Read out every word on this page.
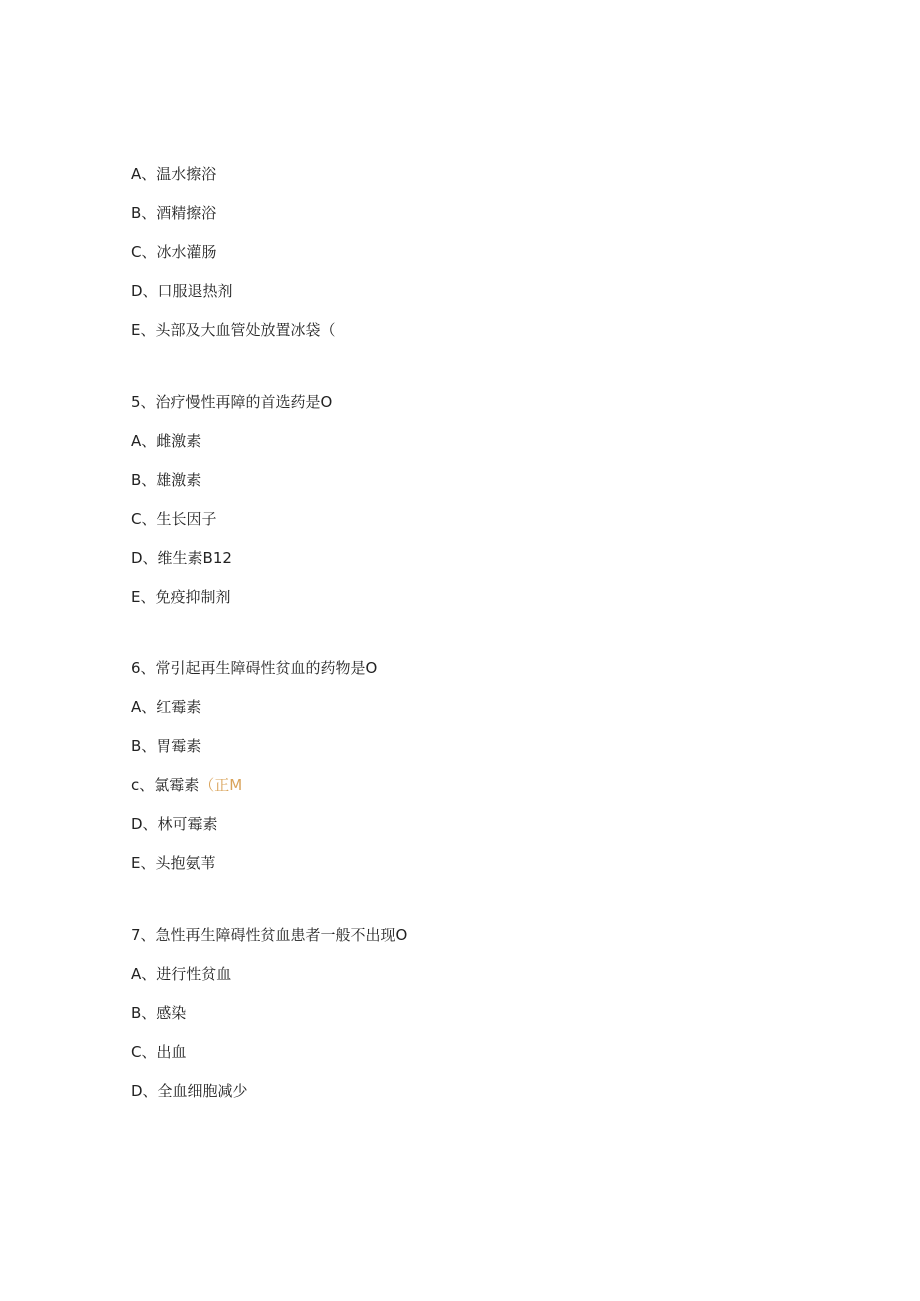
A、温水擦浴
B、酒精擦浴
C、冰水灌肠
D、口服退热剂
E、头部及大血管处放置冰袋（
5、治疗慢性再障的首选药是O
A、雌激素
B、雄激素
C、生长因子
D、维生素B12
E、免疫抑制剂
6、常引起再生障碍性贫血的药物是O
A、红霉素
B、胃霉素
c、氯霉素（正M
D、林可霉素
E、头抱氨苇
7、急性再生障碍性贫血患者一般不出现O
A、进行性贫血
B、感染
C、出血
D、全血细胞减少
